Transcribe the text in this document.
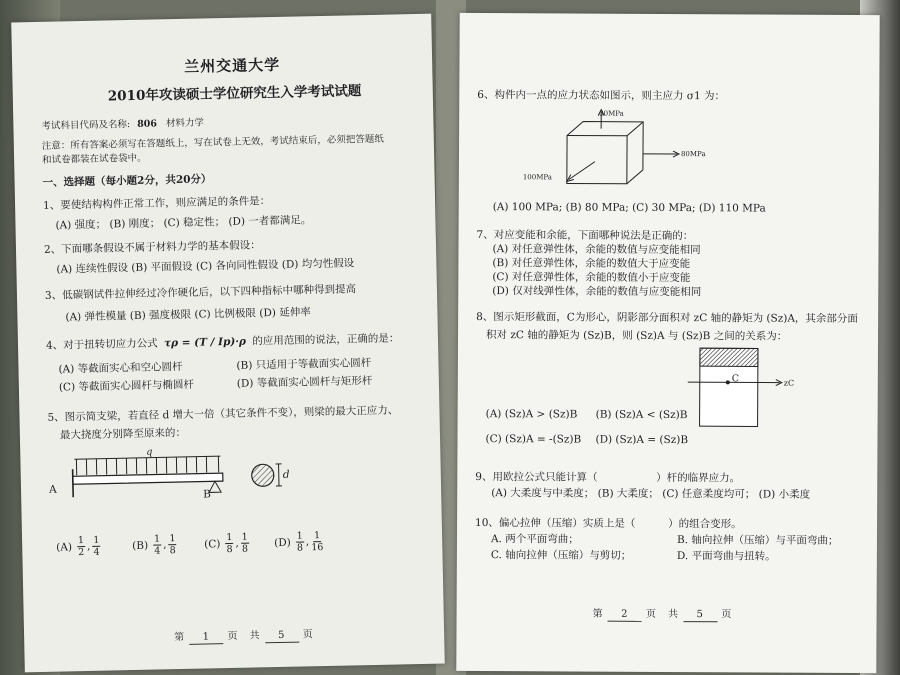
兰州交通大学
2010年攻读硕士学位研究生入学考试试题
考试科目代码及名称: 806 材料力学
注意：所有答案必须写在答题纸上，写在试卷上无效，考试结束后，必须把答题纸
和试卷都装在试卷袋中。
一、选择题（每小题2分，共20分）
1、要使结构构件正常工作，则应满足的条件是：
(A) 强度； (B) 刚度； (C) 稳定性； (D) 一者都满足。
2、下面哪条假设不属于材料力学的基本假设：
(A) 连续性假设 (B) 平面假设 (C) 各向同性假设 (D) 均匀性假设
3、低碳钢试件拉伸经过冷作硬化后，以下四种指标中哪种得到提高
(A) 弹性模量 (B) 强度极限 (C) 比例极限 (D) 延伸率
4、对于扭转切应力公式 τρ = (T / Ip)·ρ 的应用范围的说法，正确的是：
(A) 等截面实心和空心圆杆	(B) 只适用于等截面实心圆杆
(C) 等截面实心圆杆与椭圆杆	(D) 等截面实心圆杆与矩形杆
5、图示简支梁，若直径 d 增大一倍（其它条件不变），则梁的最大正应力、
最大挠度分别降至原来的：
q
A	B
d
$(A) \frac{1}{2}$ , $\frac{1}{4}$	$(B) \frac{1}{4}$ , $\frac{1}{8}$	$(C) \frac{1}{8}$ , $\frac{1}{8} (D) \frac{1}{8}$ , $\frac{1}{16}$
第 1 页　共 5 页
6、构件内一点的应力状态如图示，则主应力 σ1 为：
30MPa
80MPa
100MPa
(A) 100 MPa; (B) 80 MPa; (C) 30 MPa; (D) 110 MPa
7、对应变能和余能，下面哪种说法是正确的：
(A) 对任意弹性体，余能的数值与应变能相同
(B) 对任意弹性体，余能的数值大于应变能
(C) 对任意弹性体，余能的数值小于应变能
(D) 仅对线弹性体，余能的数值与应变能相同
8、图示矩形截面，C为形心，阴影部分面积对 zC 轴的静矩为 (Sz)A，其余部分面
积对 zC 轴的静矩为 (Sz)B，则 (Sz)A 与 (Sz)B 之间的关系为：
C	zC
(A) (Sz)A > (Sz)B (B) (Sz)A < (Sz)B
(C) (Sz)A = -(Sz)B (D) (Sz)A = (Sz)B
9、用欧拉公式只能计算（	）杆的临界应力。
(A) 大柔度与中柔度； (B) 大柔度； (C) 任意柔度均可； (D) 小柔度
10、偏心拉伸（压缩）实质上是（	）的组合变形。
A. 两个平面弯曲；	B. 轴向拉伸（压缩）与平面弯曲；
C. 轴向拉伸（压缩）与剪切；	D. 平面弯曲与扭转。
第 2 页　共 5 页
